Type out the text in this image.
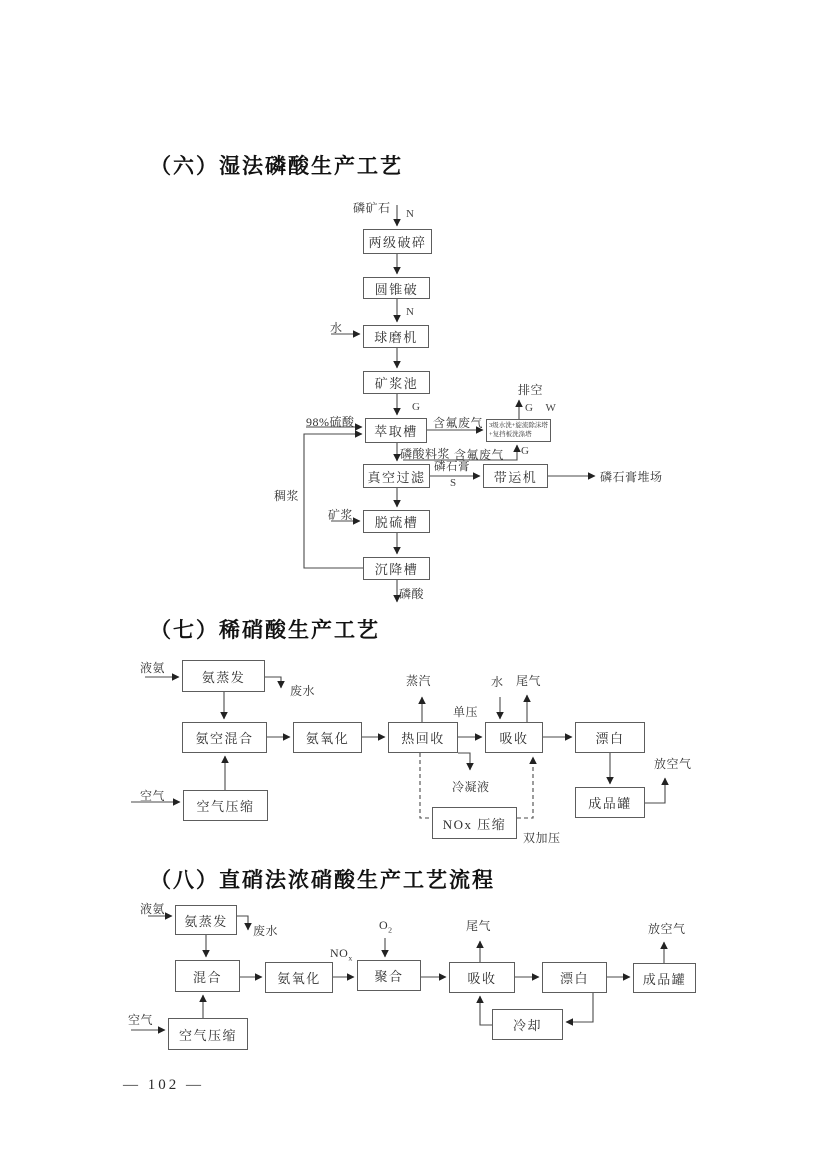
（六）湿法磷酸生产工艺
两级破碎
圆锥破
球磨机
矿浆池
萃取槽	3级水洗+旋流除沫塔
+复挡板洗涤塔
真空过滤	带运机
脱硫槽
沉降槽
磷矿石 N
水
N
98%硫酸
G
含氟废气
排空
G W
磷酸料浆 含氟废气 G
磷石膏
S	磷石膏堆场
稠浆
矿浆
磷酸
（七）稀硝酸生产工艺
氨蒸发
氨空混合	氨氧化	热回收	吸收	漂白
成品罐
空气压缩
NOx 压缩
液氨
废水
蒸汽
单压
水 尾气
放空气
空气
冷凝液
双加压
（八）直硝法浓硝酸生产工艺流程
氨蒸发
混合	氨氧化	聚合	吸收	漂白	成品罐
冷却
空气压缩
液氨
废水
$NO_x$
$O_2$	尾气	放空气
空气
— 102 —
